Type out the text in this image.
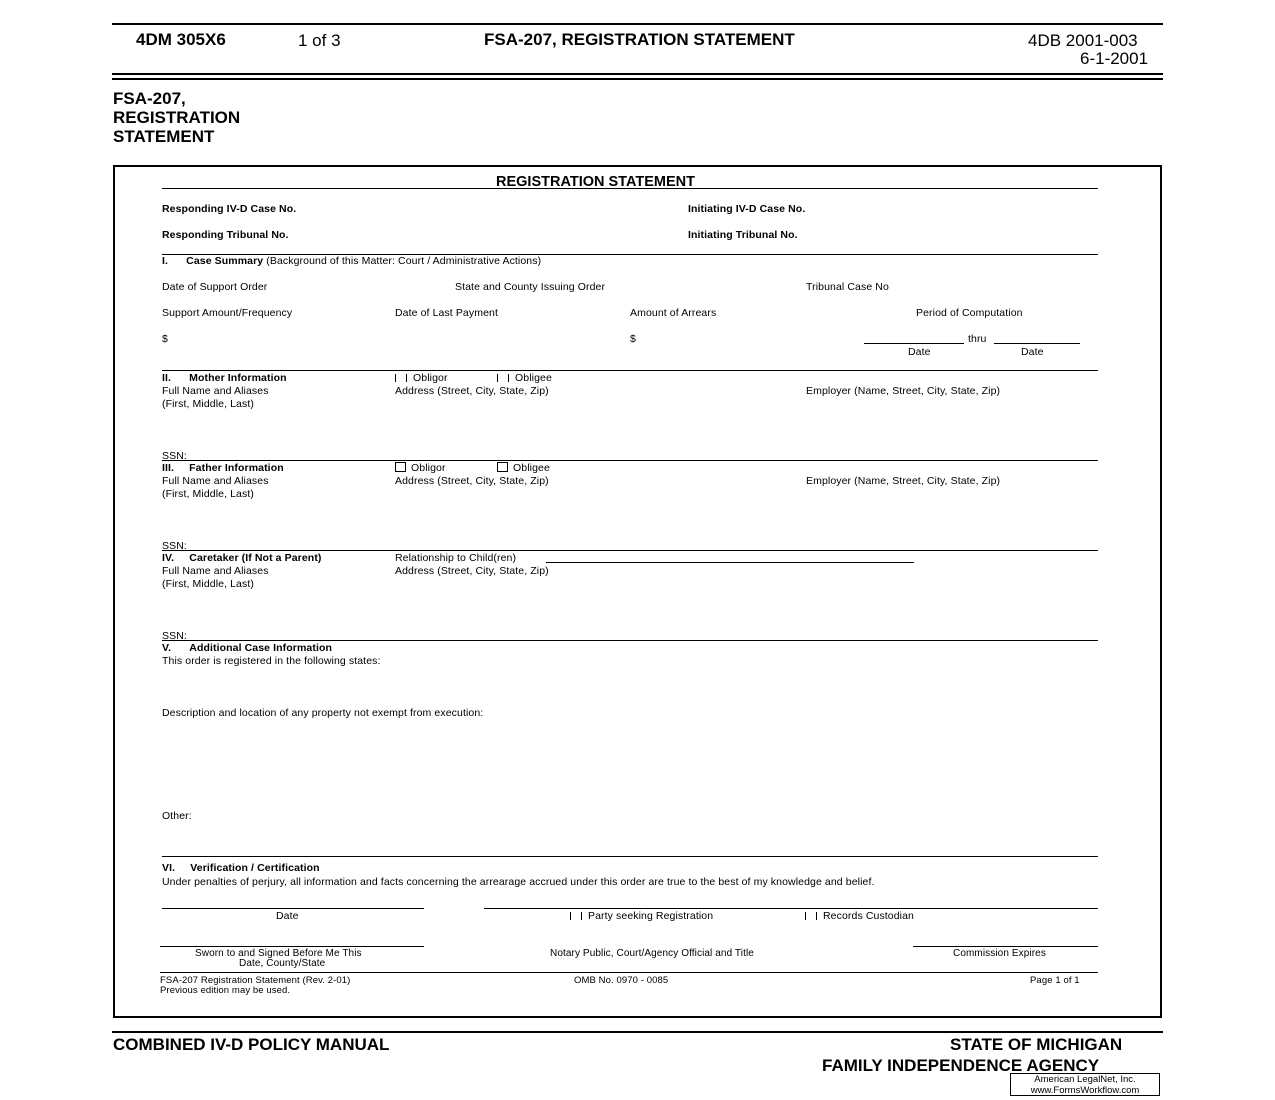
4DM 305X6	1 of 3	FSA-207, REGISTRATION STATEMENT	4DB 2001-003
6-1-2001
FSA-207,
REGISTRATION
STATEMENT
REGISTRATION STATEMENT
Responding IV-D Case No.	Initiating IV-D Case No.
Responding Tribunal No.	Initiating Tribunal No.
I. Case Summary (Background of this Matter: Court / Administrative Actions)
Date of Support Order	State and County Issuing Order	Tribunal Case No
Support Amount/Frequency	Date of Last Payment	Amount of Arrears	Period of Computation
$	$	thru
Date	Date
II. Mother Information	Obligor	Obligee
Full Name and Aliases
(First, Middle, Last)
Address (Street, City, State, Zip)	Employer (Name, Street, City, State, Zip)
SSN:
III. Father Information	Obligor	Obligee
Full Name and Aliases
(First, Middle, Last)
Address (Street, City, State, Zip)	Employer (Name, Street, City, State, Zip)
SSN:
IV. Caretaker (If Not a Parent)	Relationship to Child(ren)
Full Name and Aliases
(First, Middle, Last)
Address (Street, City, State, Zip)
SSN:
V. Additional Case Information
This order is registered in the following states:
Description and location of any property not exempt from execution:
Other:
VI. Verification / Certification
Under penalties of perjury, all information and facts concerning the arrearage accrued under this order are true to the best of my knowledge and belief.
Date	Party seeking Registration	Records Custodian
Sworn to and Signed Before Me This
Date, County/State
Notary Public, Court/Agency Official and Title	Commission Expires
FSA-207 Registration Statement (Rev. 2-01)
Previous edition may be used.
OMB No. 0970 - 0085	Page 1 of 1
COMBINED IV-D POLICY MANUAL	STATE OF MICHIGAN
FAMILY INDEPENDENCE AGENCY
American LegalNet, Inc.
www.FormsWorkflow.com
